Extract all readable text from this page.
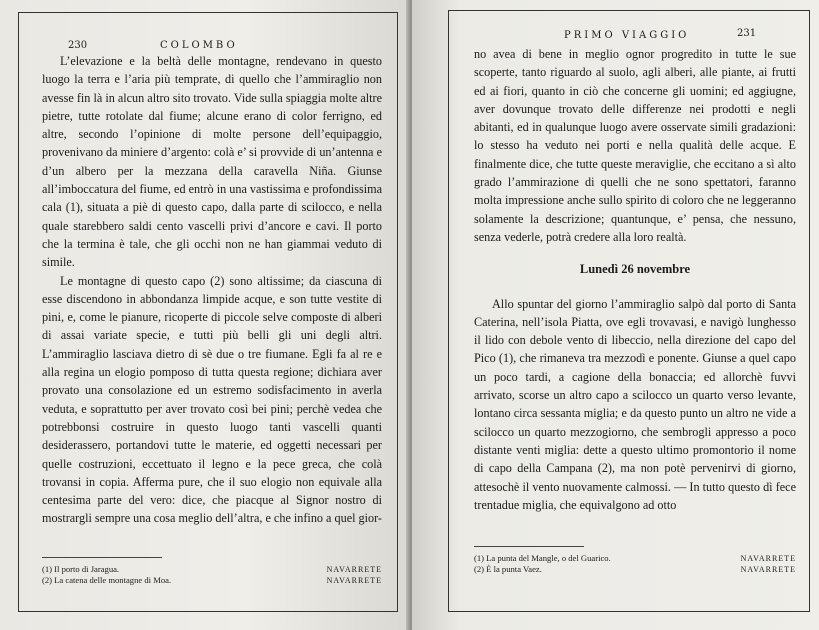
230	COLOMBO

L’elevazione e la beltà delle montagne, rendevano in questo luogo la terra e l’aria più temprate, di quello che l’ammiraglio non avesse fin là in alcun altro sito trovato. Vide sulla spiaggia molte altre pietre, tutte rotolate dal fiume; alcune erano di color ferrigno, ed altre, secondo l’opinione di molte persone dell’equipaggio, provenivano da miniere d’argento: colà e’ si provvide di un’antenna e d’un albero per la mezzana della caravella Niña. Giunse all’imboccatura del fiume, ed entrò in una vastissima e profondissima cala (1), situata a piè di questo capo, dalla parte di scilocco, e nella quale starebbero saldi cento vascelli privi d’ancore e cavi. Il porto che la termina è tale, che gli occhi non ne han giammai veduto di simile.

Le montagne di questo capo (2) sono altissime; da ciascuna di esse discendono in abbondanza limpide acque, e son tutte vestite di pini, e, come le pianure, ricoperte di piccole selve composte di alberi di assai variate specie, e tutti più belli gli uni degli altri. L’ammiraglio lasciava dietro di sè due o tre fiumane. Egli fa al re e alla regina un elogio pomposo di tutta questa regione; dichiara aver provato una consolazione ed un estremo sodisfacimento in averla veduta, e soprattutto per aver trovato così bei pini; perchè vedea che potrebbonsi costruire in questo luogo tanti vascelli quanti desiderassero, portandovi tutte le materie, ed oggetti necessari per quelle costruzioni, eccettuato il legno e la pece greca, che colà trovansi in copia. Afferma pure, che il suo elogio non equivale alla centesima parte del vero: dice, che piacque al Signor nostro di mostrargli sempre una cosa meglio dell’altra, e che infino a quel gior-

(1) Il porto di Jaragua.	NAVARRETE
(2) La catena delle montagne di Moa.	NAVARRETE
PRIMO VIAGGIO	231

no avea di bene in meglio ognor progredito in tutte le sue scoperte, tanto riguardo al suolo, agli alberi, alle piante, ai frutti ed ai fiori, quanto in ciò che concerne gli uomini; ed aggiugne, aver dovunque trovato delle differenze nei prodotti e negli abitanti, ed in qualunque luogo avere osservate simili gradazioni: lo stesso ha veduto nei porti e nella qualità delle acque. E finalmente dice, che tutte queste meraviglie, che eccitano a sì alto grado l’ammirazione di quelli che ne sono spettatori, faranno molta impressione anche sullo spirito di coloro che ne leggeranno solamente la descrizione; quantunque, e’ pensa, che nessuno, senza vederle, potrà credere alla loro realtà.

Lunedì 26 novembre

Allo spuntar del giorno l’ammiraglio salpò dal porto di Santa Caterina, nell’isola Piatta, ove egli trovavasi, e navigò lunghesso il lido con debole vento di libeccio, nella direzione del capo del Pico (1), che rimaneva tra mezzodì e ponente. Giunse a quel capo un poco tardi, a cagione della bonaccia; ed allorchè fuvvi arrivato, scorse un altro capo a scilocco un quarto verso levante, lontano circa sessanta miglia; e da questo punto un altro ne vide a scilocco un quarto mezzogiorno, che sembrogli appresso a poco distante venti miglia: dette a questo ultimo promontorio il nome di capo della Campana (2), ma non potè pervenirvi di giorno, attesochè il vento nuovamente calmossi. — In tutto questo dì fece trentadue miglia, che equivalgono ad otto

(1) La punta del Mangle, o del Guarico.	NAVARRETE
(2) È la punta Vaez.	NAVARRETE
